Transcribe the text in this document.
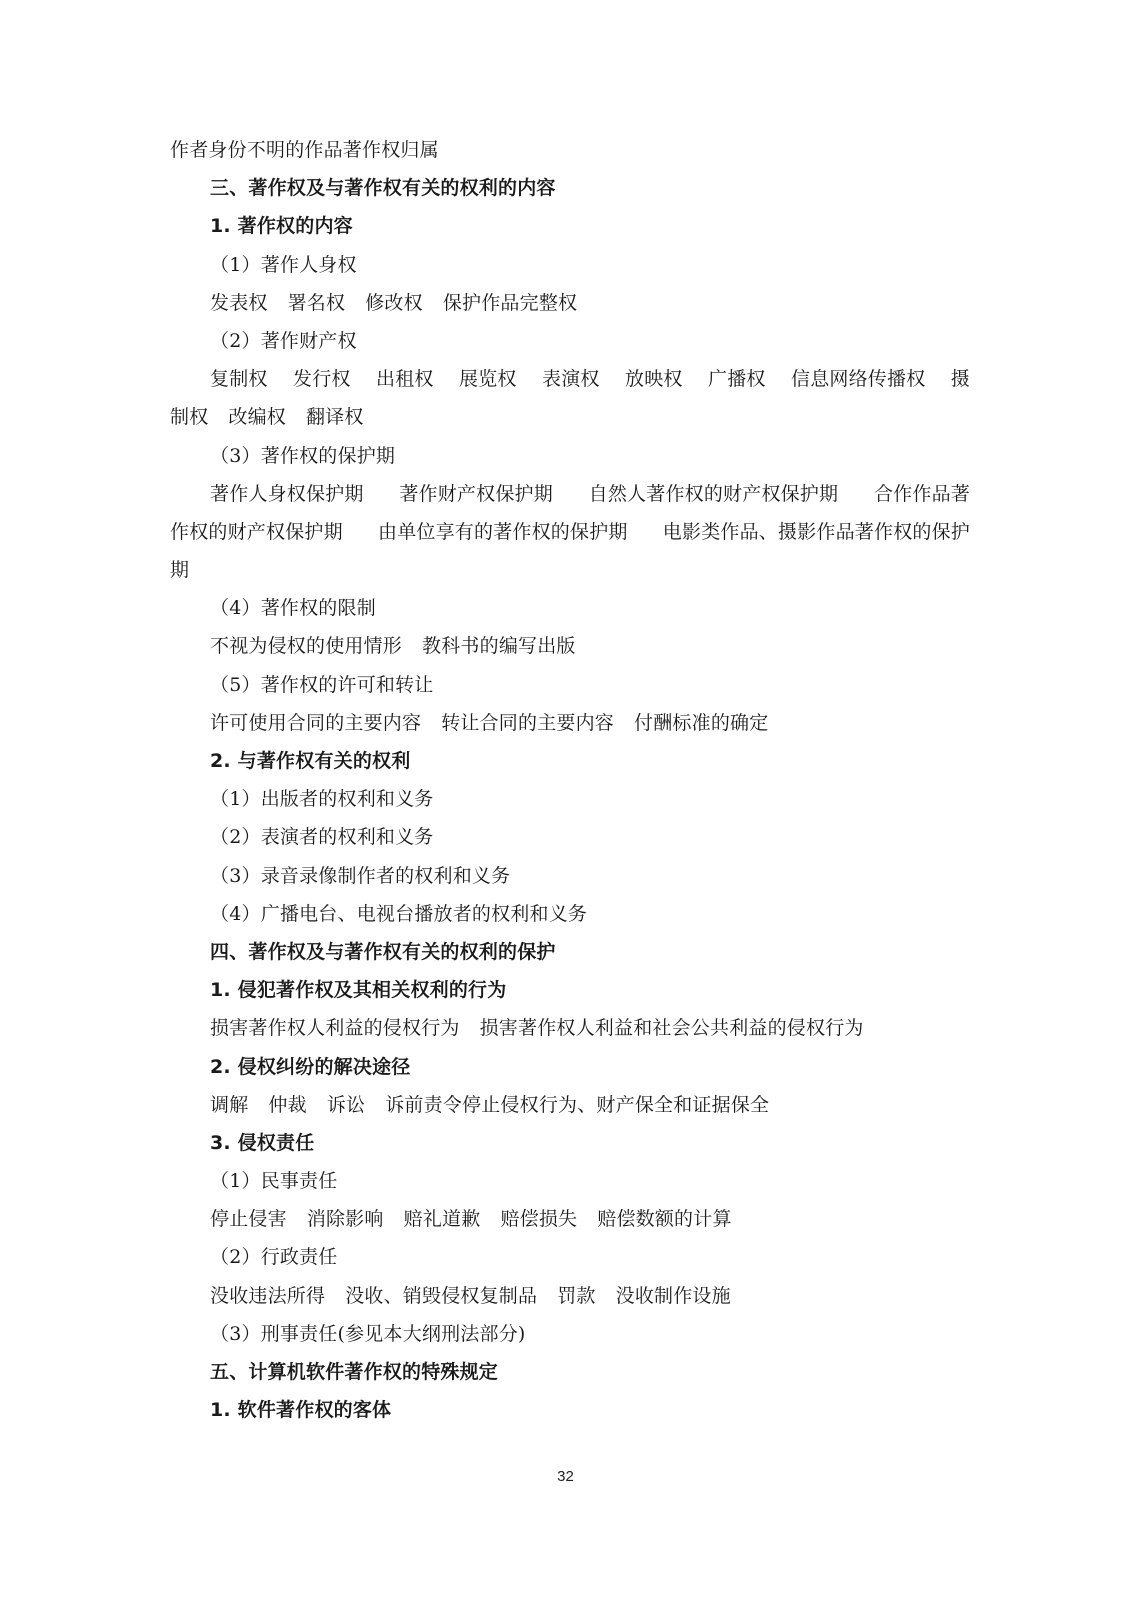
作者身份不明的作品著作权归属
三、著作权及与著作权有关的权利的内容
1. 著作权的内容
（1）著作人身权
发表权 署名权 修改权 保护作品完整权
（2）著作财产权
复制权 发行权 出租权 展览权 表演权 放映权 广播权 信息网络传播权 摄
制权 改编权 翻译权
（3）著作权的保护期
著作人身权保护期 著作财产权保护期 自然人著作权的财产权保护期 合作作品著
作权的财产权保护期 由单位享有的著作权的保护期 电影类作品、摄影作品著作权的保护
期
（4）著作权的限制
不视为侵权的使用情形 教科书的编写出版
（5）著作权的许可和转让
许可使用合同的主要内容 转让合同的主要内容 付酬标准的确定
2. 与著作权有关的权利
（1）出版者的权利和义务
（2）表演者的权利和义务
（3）录音录像制作者的权利和义务
（4）广播电台、电视台播放者的权利和义务
四、著作权及与著作权有关的权利的保护
1. 侵犯著作权及其相关权利的行为
损害著作权人利益的侵权行为 损害著作权人利益和社会公共利益的侵权行为
2. 侵权纠纷的解决途径
调解 仲裁 诉讼 诉前责令停止侵权行为、财产保全和证据保全
3. 侵权责任
（1）民事责任
停止侵害 消除影响 赔礼道歉 赔偿损失 赔偿数额的计算
（2）行政责任
没收违法所得 没收、销毁侵权复制品 罚款 没收制作设施
（3）刑事责任(参见本大纲刑法部分)
五、计算机软件著作权的特殊规定
1. 软件著作权的客体
32
